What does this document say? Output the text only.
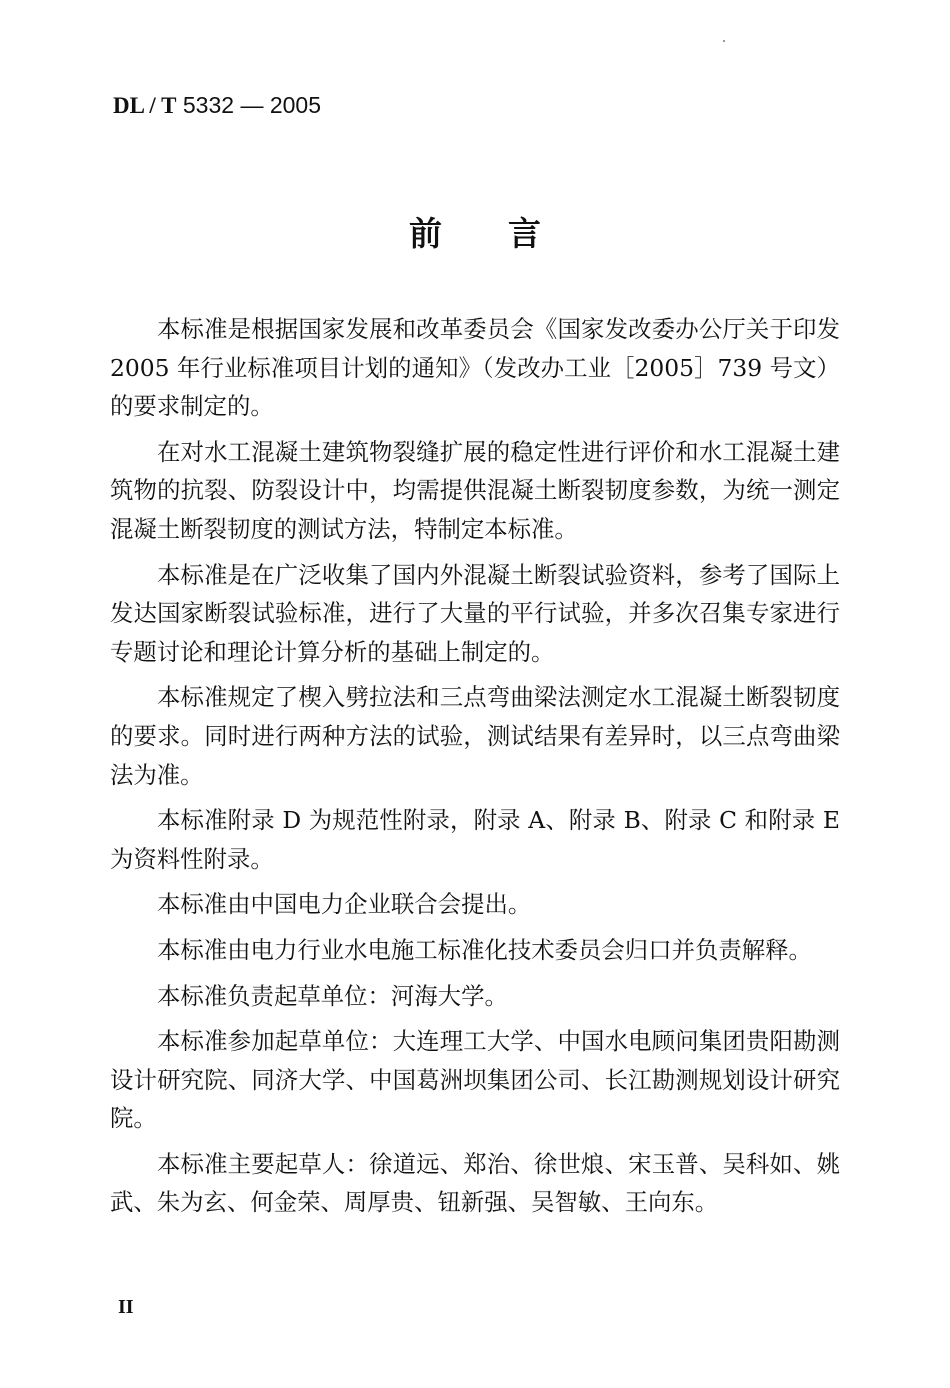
DL / T 5332 — 2005
前 言

本标准是根据国家发展和改革委员会《国家发改委办公厅关于印发 2005 年行业标准项目计划的通知》（发改办工业［2005］739 号文）的要求制定的。

在对水工混凝土建筑物裂缝扩展的稳定性进行评价和水工混凝土建筑物的抗裂、防裂设计中，均需提供混凝土断裂韧度参数，为统一测定混凝土断裂韧度的测试方法，特制定本标准。

本标准是在广泛收集了国内外混凝土断裂试验资料，参考了国际上发达国家断裂试验标准，进行了大量的平行试验，并多次召集专家进行专题讨论和理论计算分析的基础上制定的。

本标准规定了楔入劈拉法和三点弯曲梁法测定水工混凝土断裂韧度的要求。同时进行两种方法的试验，测试结果有差异时，以三点弯曲梁法为准。

本标准附录 D 为规范性附录，附录 A、附录 B、附录 C 和附录 E 为资料性附录。

本标准由中国电力企业联合会提出。

本标准由电力行业水电施工标准化技术委员会归口并负责解释。

本标准负责起草单位：河海大学。

本标准参加起草单位：大连理工大学、中国水电顾问集团贵阳勘测设计研究院、同济大学、中国葛洲坝集团公司、长江勘测规划设计研究院。

本标准主要起草人：徐道远、郑治、徐世烺、宋玉普、吴科如、姚武、朱为玄、何金荣、周厚贵、钮新强、吴智敏、王向东。

II
